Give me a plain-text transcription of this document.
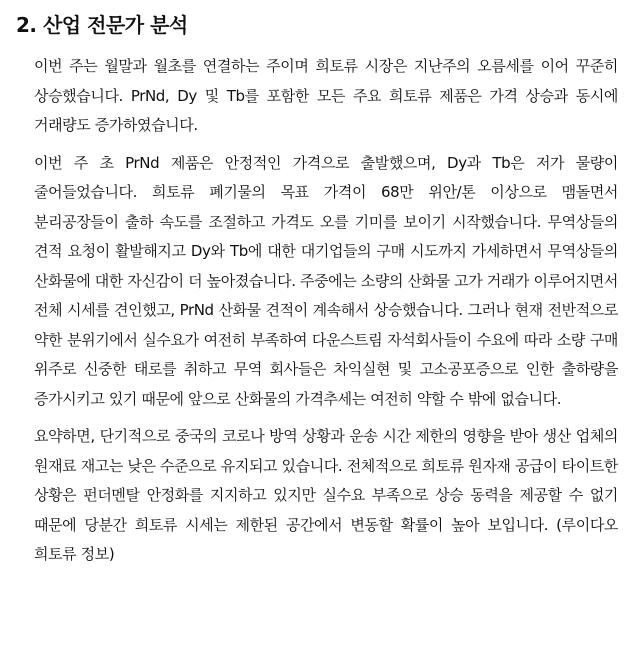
2. 산업 전문가 분석

이번 주는 월말과 월초를 연결하는 주이며 희토류 시장은 지난주의 오름세를 이어 꾸준히 상승했습니다. PrNd, Dy 및 Tb를 포함한 모든 주요 희토류 제품은 가격 상승과 동시에 거래량도 증가하였습니다.

이번 주 초 PrNd 제품은 안정적인 가격으로 출발했으며, Dy과 Tb은 저가 물량이 줄어들었습니다. 희토류 폐기물의 목표 가격이 68만 위안/톤 이상으로 맴돌면서 분리공장들이 출하 속도를 조절하고 가격도 오를 기미를 보이기 시작했습니다. 무역상들의 견적 요청이 활발해지고 Dy와 Tb에 대한 대기업들의 구매 시도까지 가세하면서 무역상들의 산화물에 대한 자신감이 더 높아졌습니다. 주중에는 소량의 산화물 고가 거래가 이루어지면서 전체 시세를 견인했고, PrNd 산화물 견적이 계속해서 상승했습니다. 그러나 현재 전반적으로 약한 분위기에서 실수요가 여전히 부족하여 다운스트림 자석회사들이 수요에 따라 소량 구매 위주로 신중한 태로를 취하고 무역 회사들은 차익실현 및 고소공포증으로 인한 출하량을 증가시키고 있기 때문에 앞으로 산화물의 가격추세는 여전히 약할 수 밖에 없습니다.

요약하면, 단기적으로 중국의 코로나 방역 상황과 운송 시간 제한의 영향을 받아 생산 업체의 원재료 재고는 낮은 수준으로 유지되고 있습니다. 전체적으로 희토류 원자재 공급이 타이트한 상황은 펀더멘탈 안정화를 지지하고 있지만 실수요 부족으로 상승 동력을 제공할 수 없기 때문에 당분간 희토류 시세는 제한된 공간에서 변동할 확률이 높아 보입니다. (루이다오 희토류 정보)
